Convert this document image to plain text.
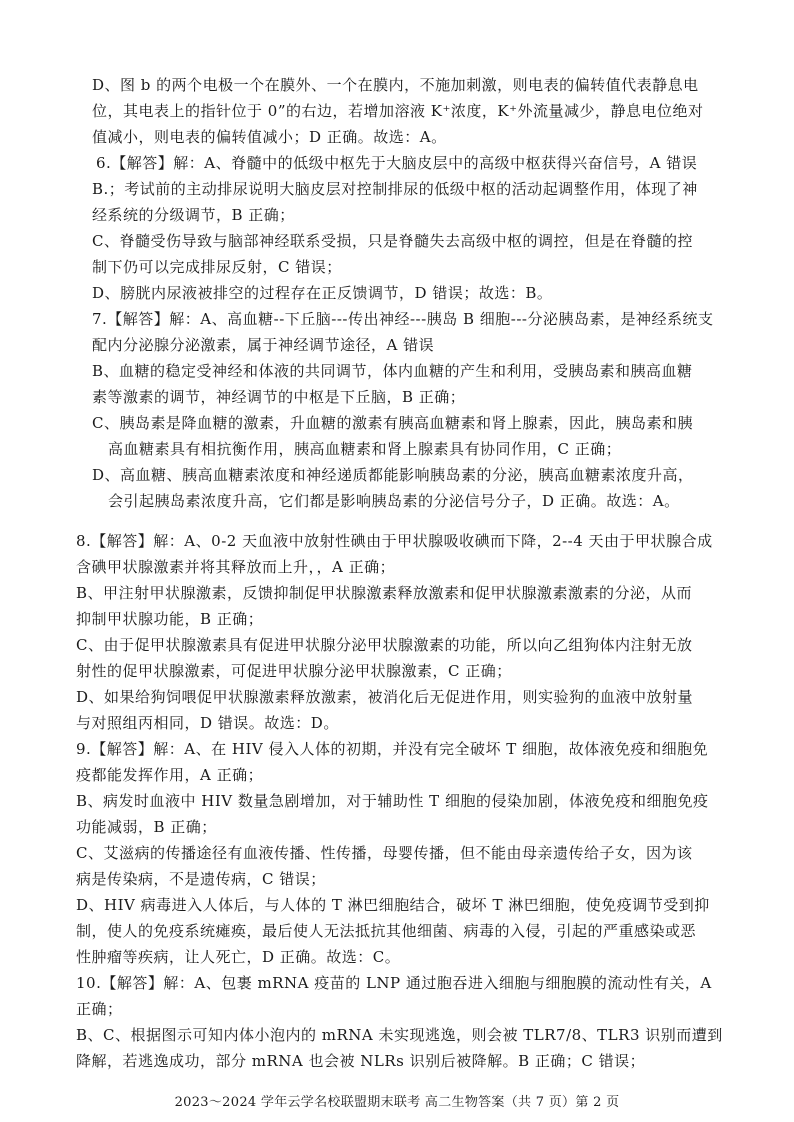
D、图 b 的两个电极一个在膜外、一个在膜内，不施加刺激，则电表的偏转值代表静息电
位，其电表上的指针位于 0”的右边，若增加溶液 K⁺浓度，K⁺外流量减少，静息电位绝对
值减小，则电表的偏转值减小；D 正确。故选：A。
6.【解答】解：A、脊髓中的低级中枢先于大脑皮层中的高级中枢获得兴奋信号，A 错误
B.；考试前的主动排尿说明大脑皮层对控制排尿的低级中枢的活动起调整作用，体现了神
经系统的分级调节，B 正确；
C、脊髓受伤导致与脑部神经联系受损，只是脊髓失去高级中枢的调控，但是在脊髓的控
制下仍可以完成排尿反射，C 错误；
D、膀胱内尿液被排空的过程存在正反馈调节，D 错误；故选：B。
7.【解答】解：A、高血糖--下丘脑---传出神经---胰岛 B 细胞---分泌胰岛素，是神经系统支
配内分泌腺分泌激素，属于神经调节途径，A 错误
B、血糖的稳定受神经和体液的共同调节，体内血糖的产生和利用，受胰岛素和胰高血糖
素等激素的调节，神经调节的中枢是下丘脑，B 正确；
C、胰岛素是降血糖的激素，升血糖的激素有胰高血糖素和肾上腺素，因此，胰岛素和胰
高血糖素具有相抗衡作用，胰高血糖素和肾上腺素具有协同作用，C 正确；
D、高血糖、胰高血糖素浓度和神经递质都能影响胰岛素的分泌，胰高血糖素浓度升高，
会引起胰岛素浓度升高，它们都是影响胰岛素的分泌信号分子，D 正确。故选：A。
8.【解答】解：A、0-2 天血液中放射性碘由于甲状腺吸收碘而下降，2--4 天由于甲状腺合成
含碘甲状腺激素并将其释放而上升，，A 正确；
B、甲注射甲状腺激素，反馈抑制促甲状腺激素释放激素和促甲状腺激素激素的分泌，从而
抑制甲状腺功能，B 正确；
C、由于促甲状腺激素具有促进甲状腺分泌甲状腺激素的功能，所以向乙组狗体内注射无放
射性的促甲状腺激素，可促进甲状腺分泌甲状腺激素，C 正确；
D、如果给狗饲喂促甲状腺激素释放激素，被消化后无促进作用，则实验狗的血液中放射量
与对照组丙相同，D 错误。故选：D。
9.【解答】解：A、在 HIV 侵入人体的初期，并没有完全破坏 T 细胞，故体液免疫和细胞免
疫都能发挥作用，A 正确；
B、病发时血液中 HIV 数量急剧增加，对于辅助性 T 细胞的侵染加剧，体液免疫和细胞免疫
功能减弱，B 正确；
C、艾滋病的传播途径有血液传播、性传播，母婴传播，但不能由母亲遗传给子女，因为该
病是传染病，不是遗传病，C 错误；
D、HIV 病毒进入人体后，与人体的 T 淋巴细胞结合，破坏 T 淋巴细胞，使免疫调节受到抑
制，使人的免疫系统瘫痪，最后使人无法抵抗其他细菌、病毒的入侵，引起的严重感染或恶
性肿瘤等疾病，让人死亡，D 正确。故选：C。
10.【解答】解：A、包裹 mRNA 疫苗的 LNP 通过胞吞进入细胞与细胞膜的流动性有关，A
正确；
B、C、根据图示可知内体小泡内的 mRNA 未实现逃逸，则会被 TLR7/8、TLR3 识别而遭到
降解，若逃逸成功，部分 mRNA 也会被 NLRs 识别后被降解。B 正确；C 错误；
2023～2024 学年云学名校联盟期末联考 高二生物答案（共 7 页）第 2 页
